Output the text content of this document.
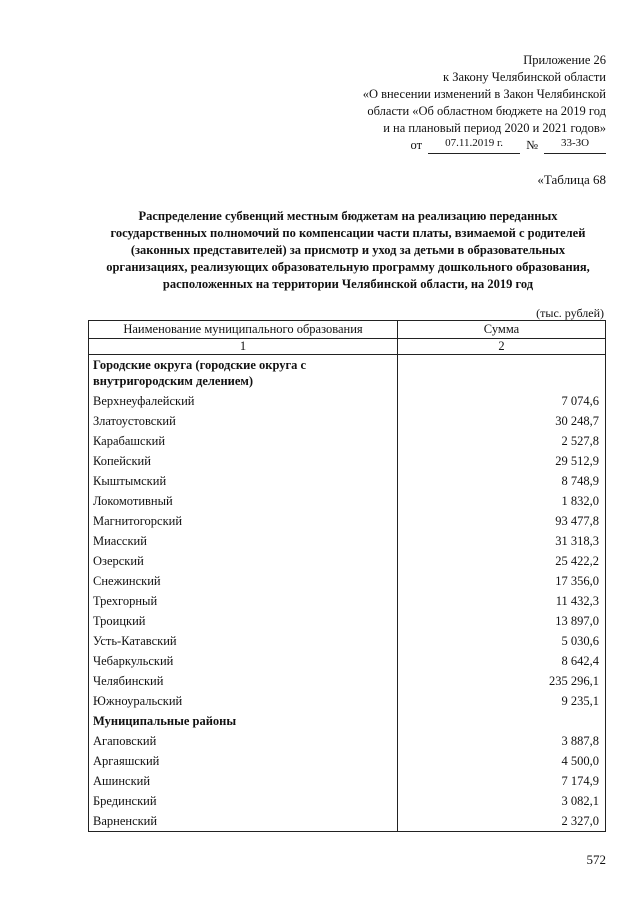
Приложение 26
к Закону Челябинской области
«О внесении изменений в Закон Челябинской
области «Об областном бюджете на 2019 год
и на плановый период 2020 и 2021 годов»
от	07.11.2019 г.	№	33-ЗО
«Таблица 68
Распределение субвенций местным бюджетам на реализацию переданных государственных полномочий по компенсации части платы, взимаемой с родителей (законных представителей) за присмотр и уход за детьми в образовательных организациях, реализующих образовательную программу дошкольного образования, расположенных на территории Челябинской области, на 2019 год
(тыс. рублей)
Наименование муниципального образования	Сумма
1	2
Городские округа (городские округа с внутригородским делением)	
Верхнеуфалейский	7 074,6
Златоустовский	30 248,7
Карабашский	2 527,8
Копейский	29 512,9
Кыштымский	8 748,9
Локомотивный	1 832,0
Магнитогорский	93 477,8
Миасский	31 318,3
Озерский	25 422,2
Снежинский	17 356,0
Трехгорный	11 432,3
Троицкий	13 897,0
Усть-Катавский	5 030,6
Чебаркульский	8 642,4
Челябинский	235 296,1
Южноуральский	9 235,1
Муниципальные районы	
Агаповский	3 887,8
Аргаяшский	4 500,0
Ашинский	7 174,9
Брединский	3 082,1
Варненский	2 327,0
572
